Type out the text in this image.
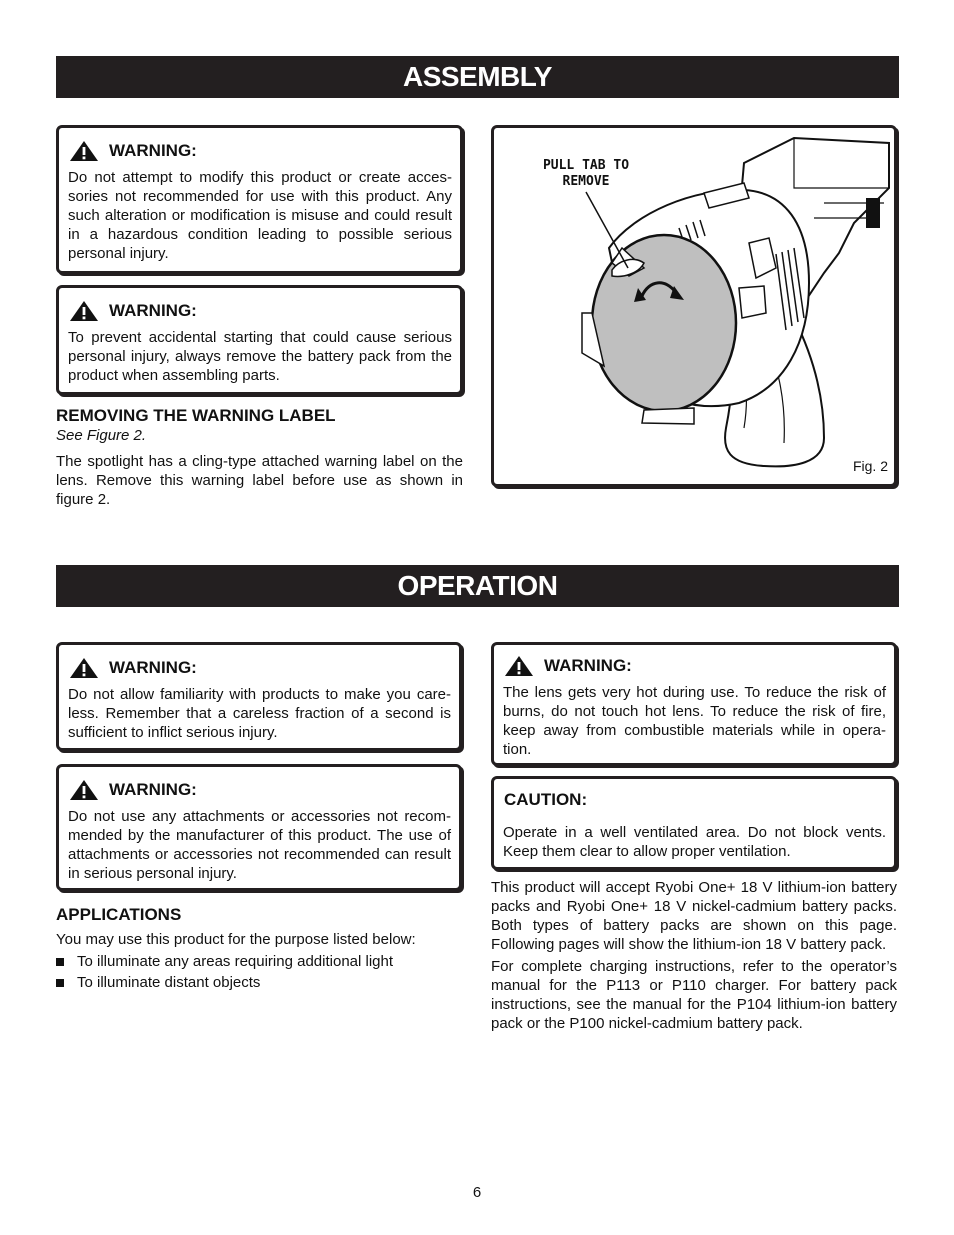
ASSEMBLY
WARNING:
Do not attempt to modify this product or create acces-sories not recommended for use with this product. Any such alteration or modification is misuse and could result in a hazardous condition leading to possible serious personal injury.
WARNING:
To prevent accidental starting that could cause serious personal injury, always remove the battery pack from the product when assembling parts.
REMOVING THE WARNING LABEL
See Figure 2.
The spotlight has a cling-type attached warning label on the lens. Remove this warning label before use as shown in figure 2.
PULL TAB TO
REMOVE
Fig. 2
OPERATION
WARNING:
Do not allow familiarity with products to make you care-less. Remember that a careless fraction of a second is sufficient to inflict serious injury.
WARNING:
Do not use any attachments or accessories not recom-mended by the manufacturer of this product. The use of attachments or accessories not recommended can result in serious personal injury.
APPLICATIONS
You may use this product for the purpose listed below:
To illuminate any areas requiring additional light
To illuminate distant objects
WARNING:
The lens gets very hot during use. To reduce the risk of burns, do not touch hot lens. To reduce the risk of fire, keep away from combustible materials while in opera-tion.
CAUTION:
Operate in a well ventilated area. Do not block vents. Keep them clear to allow proper ventilation.
This product will accept Ryobi One+ 18 V lithium-ion battery packs and Ryobi One+ 18 V nickel-cadmium battery packs. Both types of battery packs are shown on this page. Following pages will show the lithium-ion 18 V battery pack.
For complete charging instructions, refer to the operator’s manual for the P113 or P110 charger. For battery pack instructions, see the manual for the P104 lithium-ion battery pack or the P100 nickel-cadmium battery pack.
6
